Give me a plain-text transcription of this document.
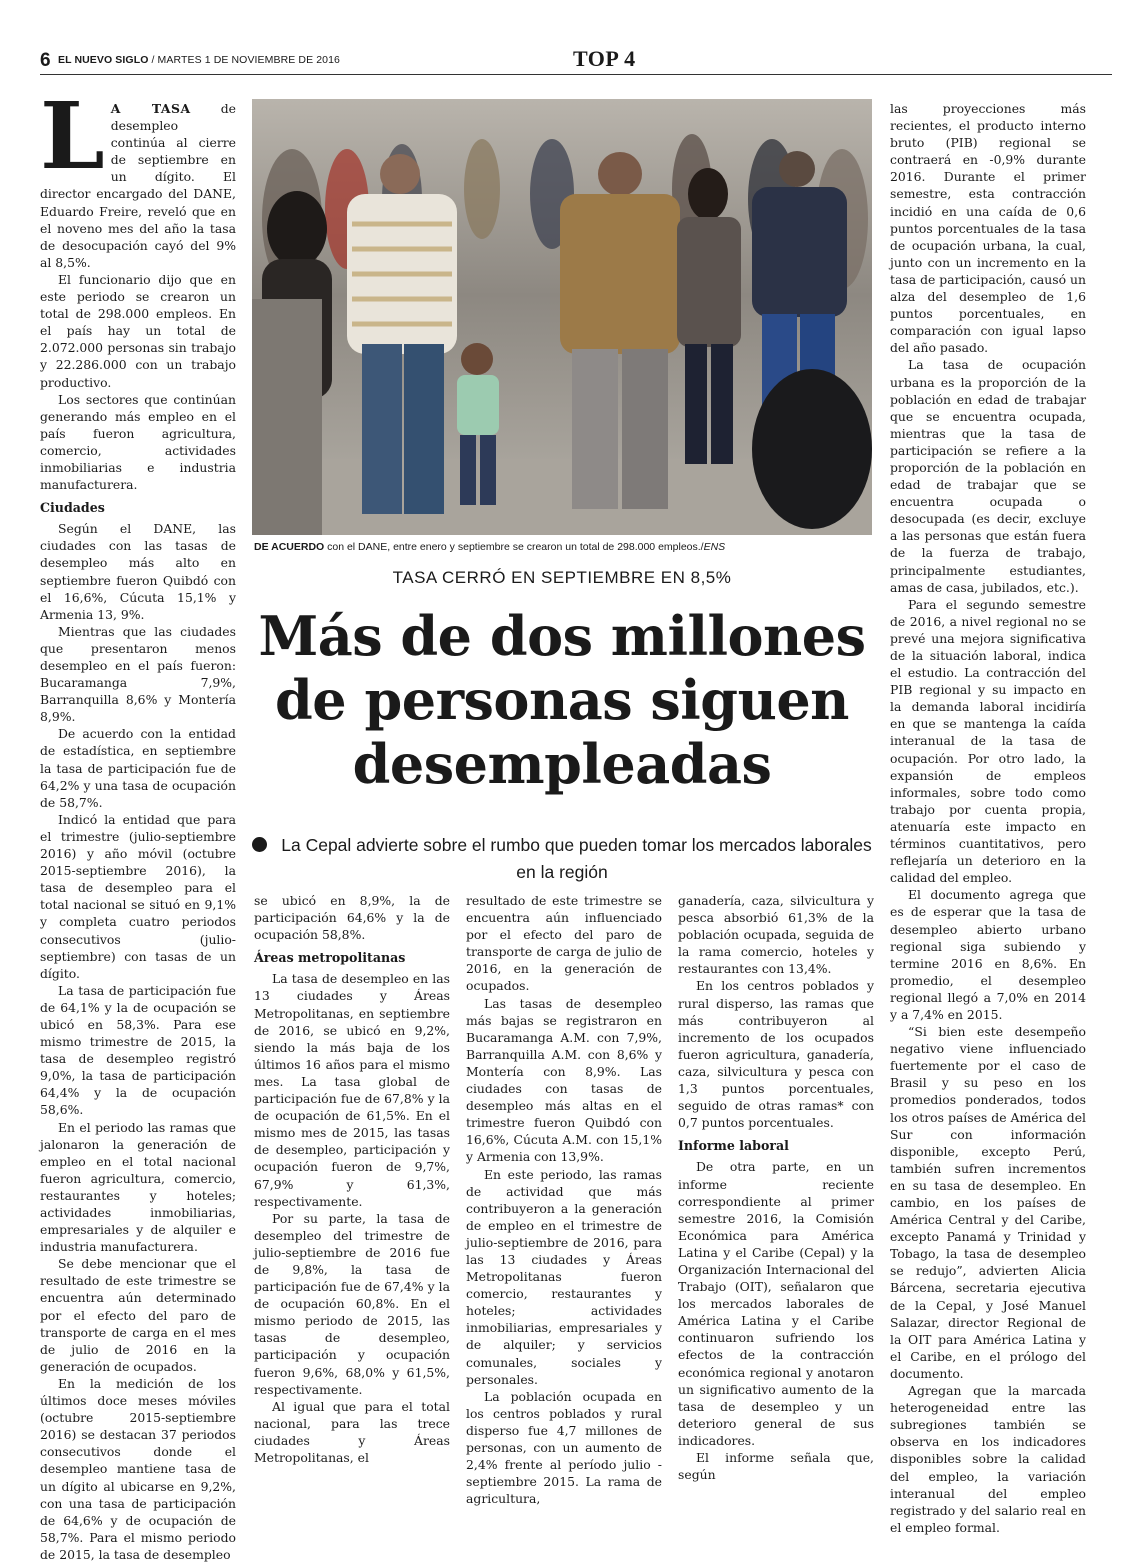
6 EL NUEVO SIGLO / MARTES 1 DE NOVIEMBRE DE 2016	TOP 4

L A TASA de desempleo continúa al cierre de septiembre en un dígito. El director encargado del DANE, Eduardo Freire, reveló que en el noveno mes del año la tasa de desocupación cayó del 9% al 8,5%.

El funcionario dijo que en este periodo se crearon un total de 298.000 empleos. En el país hay un total de 2.072.000 personas sin trabajo y 22.286.000 con un trabajo productivo.

Los sectores que continúan generando más empleo en el país fueron agricultura, comercio, actividades inmobiliarias e industria manufacturera.

Ciudades

Según el DANE, las ciudades con las tasas de desempleo más alto en septiembre fueron Quibdó con el 16,6%, Cúcuta 15,1% y Armenia 13, 9%.

Mientras que las ciudades que presentaron menos desempleo en el país fueron: Bucaramanga 7,9%, Barranquilla 8,6% y Montería 8,9%.

De acuerdo con la entidad de estadística, en septiembre la tasa de participación fue de 64,2% y una tasa de ocupación de 58,7%.

Indicó la entidad que para el trimestre (julio-septiembre 2016) y año móvil (octubre 2015-septiembre 2016), la tasa de desempleo para el total nacional se situó en 9,1% y completa cuatro periodos consecutivos (julio-septiembre) con tasas de un dígito.

La tasa de participación fue de 64,1% y la de ocupación se ubicó en 58,3%. Para ese mismo trimestre de 2015, la tasa de desempleo registró 9,0%, la tasa de participación 64,4% y la de ocupación 58,6%.

En el periodo las ramas que jalonaron la generación de empleo en el total nacional fueron agricultura, comercio, restaurantes y hoteles; actividades inmobiliarias, empresariales y de alquiler e industria manufacturera.

Se debe mencionar que el resultado de este trimestre se encuentra aún determinado por el efecto del paro de transporte de carga en el mes de julio de 2016 en la generación de ocupados.

En la medición de los últimos doce meses móviles (octubre 2015-septiembre 2016) se destacan 37 periodos consecutivos donde el desempleo mantiene tasa de un dígito al ubicarse en 9,2%, con una tasa de participación de 64,6% y de ocupación de 58,7%. Para el mismo periodo de 2015, la tasa de desempleo

DE ACUERDO con el DANE, entre enero y septiembre se crearon un total de 298.000 empleos./ENS
TASA CERRÓ EN SEPTIEMBRE EN 8,5%
Más de dos millones de personas siguen desempleadas
La Cepal advierte sobre el rumbo que pueden tomar los mercados laborales en la región

se ubicó en 8,9%, la de participación 64,6% y la de ocupación 58,8%.

Áreas metropolitanas

La tasa de desempleo en las 13 ciudades y Áreas Metropolitanas, en septiembre de 2016, se ubicó en 9,2%, siendo la más baja de los últimos 16 años para el mismo mes. La tasa global de participación fue de 67,8% y la de ocupación de 61,5%. En el mismo mes de 2015, las tasas de desempleo, participación y ocupación fueron de 9,7%, 67,9% y 61,3%, respectivamente.

Por su parte, la tasa de desempleo del trimestre de julio-septiembre de 2016 fue de 9,8%, la tasa de participación fue de 67,4% y la de ocupación 60,8%. En el mismo periodo de 2015, las tasas de desempleo, participación y ocupación fueron 9,6%, 68,0% y 61,5%, respectivamente.

Al igual que para el total nacional, para las trece ciudades y Áreas Metropolitanas, el

resultado de este trimestre se encuentra aún influenciado por el efecto del paro de transporte de carga de julio de 2016, en la generación de ocupados.

Las tasas de desempleo más bajas se registraron en Bucaramanga A.M. con 7,9%, Barranquilla A.M. con 8,6% y Montería con 8,9%. Las ciudades con tasas de desempleo más altas en el trimestre fueron Quibdó con 16,6%, Cúcuta A.M. con 15,1% y Armenia con 13,9%.

En este periodo, las ramas de actividad que más contribuyeron a la generación de empleo en el trimestre de julio-septiembre de 2016, para las 13 ciudades y Áreas Metropolitanas fueron comercio, restaurantes y hoteles; actividades inmobiliarias, empresariales y de alquiler; y servicios comunales, sociales y personales.

La población ocupada en los centros poblados y rural disperso fue 4,7 millones de personas, con un aumento de 2,4% frente al período julio - septiembre 2015. La rama de agricultura,

ganadería, caza, silvicultura y pesca absorbió 61,3% de la población ocupada, seguida de la rama comercio, hoteles y restaurantes con 13,4%.

En los centros poblados y rural disperso, las ramas que más contribuyeron al incremento de los ocupados fueron agricultura, ganadería, caza, silvicultura y pesca con 1,3 puntos porcentuales, seguido de otras ramas* con 0,7 puntos porcentuales.

Informe laboral

De otra parte, en un informe reciente correspondiente al primer semestre 2016, la Comisión Económica para América Latina y el Caribe (Cepal) y la Organización Internacional del Trabajo (OIT), señalaron que los mercados laborales de América Latina y el Caribe continuaron sufriendo los efectos de la contracción económica regional y anotaron un significativo aumento de la tasa de desempleo y un deterioro general de sus indicadores.

El informe señala que, según

las proyecciones más recientes, el producto interno bruto (PIB) regional se contraerá en -0,9% durante 2016. Durante el primer semestre, esta contracción incidió en una caída de 0,6 puntos porcentuales de la tasa de ocupación urbana, la cual, junto con un incremento en la tasa de participación, causó un alza del desempleo de 1,6 puntos porcentuales, en comparación con igual lapso del año pasado.

La tasa de ocupación urbana es la proporción de la población en edad de trabajar que se encuentra ocupada, mientras que la tasa de participación se refiere a la proporción de la población en edad de trabajar que se encuentra ocupada o desocupada (es decir, excluye a las personas que están fuera de la fuerza de trabajo, principalmente estudiantes, amas de casa, jubilados, etc.).

Para el segundo semestre de 2016, a nivel regional no se prevé una mejora significativa de la situación laboral, indica el estudio. La contracción del PIB regional y su impacto en la demanda laboral incidiría en que se mantenga la caída interanual de la tasa de ocupación. Por otro lado, la expansión de empleos informales, sobre todo como trabajo por cuenta propia, atenuaría este impacto en términos cuantitativos, pero reflejaría un deterioro en la calidad del empleo.

El documento agrega que es de esperar que la tasa de desempleo abierto urbano regional siga subiendo y termine 2016 en 8,6%. En promedio, el desempleo regional llegó a 7,0% en 2014 y a 7,4% en 2015.

“Si bien este desempeño negativo viene influenciado fuertemente por el caso de Brasil y su peso en los promedios ponderados, todos los otros países de América del Sur con información disponible, excepto Perú, también sufren incrementos en su tasa de desempleo. En cambio, en los países de América Central y del Caribe, excepto Panamá y Trinidad y Tobago, la tasa de desempleo se redujo”, advierten Alicia Bárcena, secretaria ejecutiva de la Cepal, y José Manuel Salazar, director Regional de la OIT para América Latina y el Caribe, en el prólogo del documento.

Agregan que la marcada heterogeneidad entre las subregiones también se observa en los indicadores disponibles sobre la calidad del empleo, la variación interanual del empleo registrado y del salario real en el empleo formal.
